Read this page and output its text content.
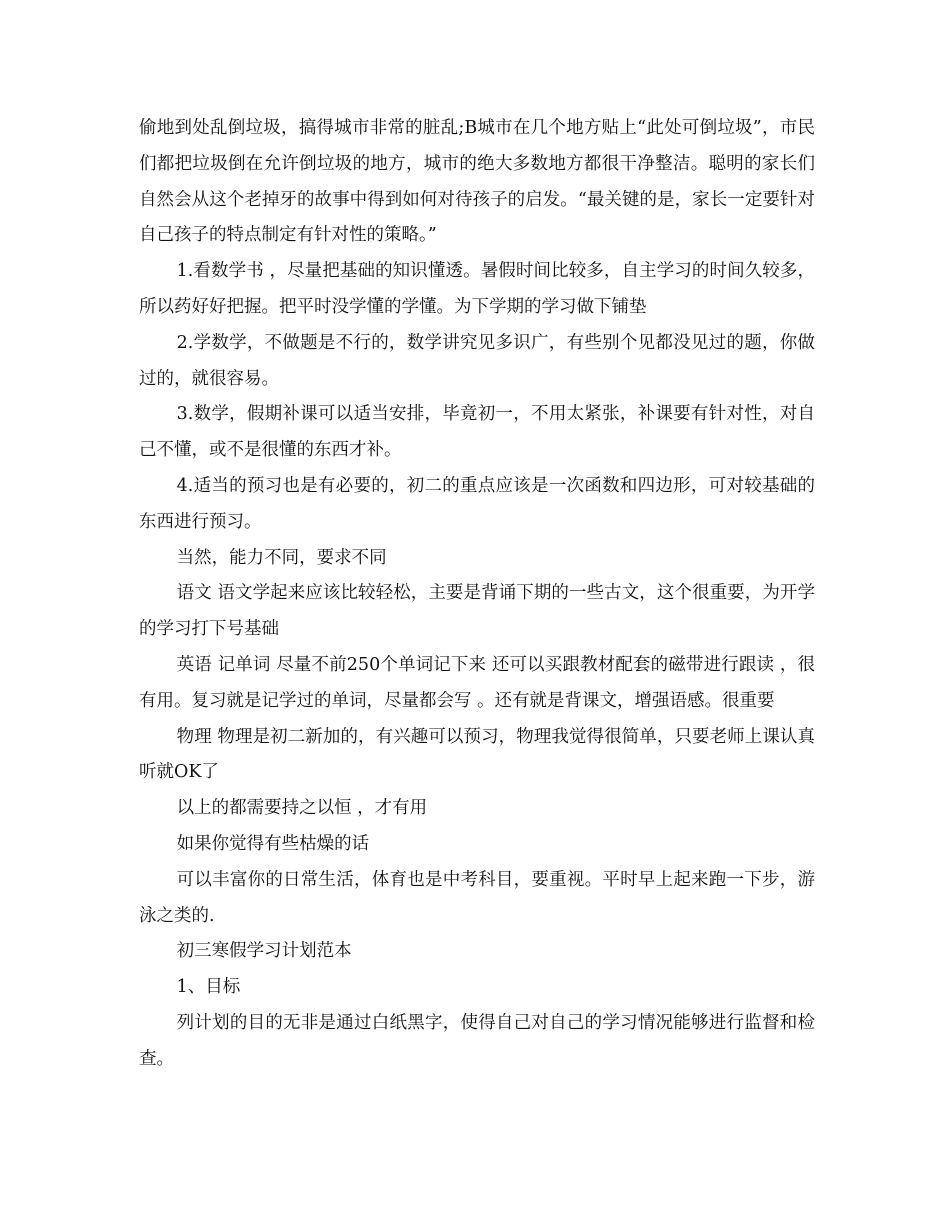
偷地到处乱倒垃圾，搞得城市非常的脏乱;B城市在几个地方贴上“此处可倒垃圾”，市民们都把垃圾倒在允许倒垃圾的地方，城市的绝大多数地方都很干净整洁。聪明的家长们自然会从这个老掉牙的故事中得到如何对待孩子的启发。“最关键的是，家长一定要针对自己孩子的特点制定有针对性的策略。”

1.看数学书 ，尽量把基础的知识懂透。暑假时间比较多，自主学习的时间久较多，所以药好好把握。把平时没学懂的学懂。为下学期的学习做下铺垫

2.学数学，不做题是不行的，数学讲究见多识广，有些别个见都没见过的题，你做过的，就很容易。

3.数学，假期补课可以适当安排，毕竟初一，不用太紧张，补课要有针对性，对自己不懂，或不是很懂的东西才补。

4.适当的预习也是有必要的，初二的重点应该是一次函数和四边形，可对较基础的东西进行预习。

当然，能力不同，要求不同

语文 语文学起来应该比较轻松，主要是背诵下期的一些古文，这个很重要，为开学的学习打下号基础

英语 记单词 尽量不前250个单词记下来 还可以买跟教材配套的磁带进行跟读 ，很有用。复习就是记学过的单词，尽量都会写 。还有就是背课文，增强语感。很重要

物理 物理是初二新加的，有兴趣可以预习，物理我觉得很简单，只要老师上课认真听就OK了

以上的都需要持之以恒 ，才有用

如果你觉得有些枯燥的话

可以丰富你的日常生活，体育也是中考科目，要重视。平时早上起来跑一下步，游泳之类的.

初三寒假学习计划范本

1、目标

列计划的目的无非是通过白纸黑字，使得自己对自己的学习情况能够进行监督和检查。
